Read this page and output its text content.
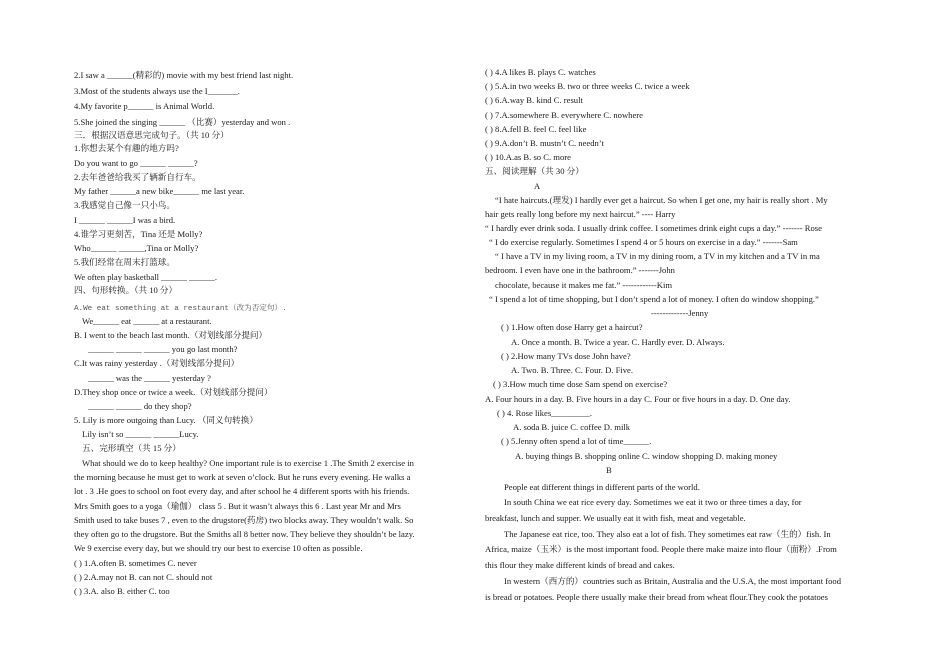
2.I saw a ______(精彩的) movie with my best friend last night.
3.Most of the students always use the I_______.
4.My favorite p______ is Animal World.
5.She joined the singing ______ （比赛）yesterday and won .
三．根据汉语意思完成句子。（共 10 分）
1.你想去某个有趣的地方吗?
Do you want to go ______ ______?
2.去年爸爸给我买了辆新自行车。
My father ______a new bike______ me last year.
3.我感觉自己像一只小鸟。
I ______ ______I was a bird.
4.谁学习更刻苦，Tina 还是 Molly?
Who______ ______,Tina or Molly?
5.我们经常在周末打篮球。
We often play basketball ______ ______.
四、句形转换。（共 10 分）
A.We eat something at a restaurant（改为否定句）.
We______ eat ______ at a restaurant.
B. I went to the beach last month.（对划线部分提问）
______ ______ ______ you go last month?
C.It was rainy yesterday .（对划线部分提问）
______ was the ______ yesterday ?
D.They shop once or twice a week.（对划线部分提问）
______ ______ do they shop?
5. Lily is more outgoing than Lucy. （同义句转换）
Lily isn’t so ______ ______Lucy.
五、完形填空（共 15 分）
What should we do to keep healthy? One important rule is to exercise 1 .The Smith 2 exercise in
the morning because he must get to work at seven o’clock. But he runs every evening. He walks a
lot . 3 .He goes to school on foot every day, and after school he 4 different sports with his friends.
Mrs Smith goes to a yoga（瑜伽） class 5 . But it wasn’t always this 6 . Last year Mr and Mrs
Smith used to take buses 7 , even to the drugstore(药房) two blocks away. They wouldn’t walk. So
they often go to the drugstore. But the Smiths all 8 better now. They believe they shouldn’t be lazy.
We 9 exercise every day, but we should try our best to exercise 10 often as possible.
( ) 1.A.often B. sometimes C. never
( ) 2.A.may not B. can not C. should not
( ) 3.A. also B. either C. too
( ) 4.A likes B. plays C. watches
( ) 5.A.in two weeks B. two or three weeks C. twice a week
( ) 6.A.way B. kind C. result
( ) 7.A.somewhere B. everywhere C. nowhere
( ) 8.A.fell B. feel C. feel like
( ) 9.A.don’t B. mustn’t C. needn’t
( ) 10.A.as B. so C. more
五、阅读理解（共 30 分）
A
“I hate haircuts.(理发) I hardly ever get a haircut. So when I get one, my hair is really short . My
hair gets really long before my next haircut.” ---- Harry
“ I hardly ever drink soda. I usually drink coffee. I sometimes drink eight cups a day.” ------- Rose
“ I do exercise regularly. Sometimes I spend 4 or 5 hours on exercise in a day.” -------Sam
“ I have a TV in my living room, a TV in my dining room, a TV in my kitchen and a TV in ma
bedroom. I even have one in the bathroom.” -------John
chocolate, because it makes me fat.” ------------Kim
“ I spend a lot of time shopping, but I don’t spend a lot of money. I often do window shopping.”
-------------Jenny
( ) 1.How often dose Harry get a haircut?
A. Once a month. B. Twice a year. C. Hardly ever. D. Always.
( ) 2.How many TVs dose John have?
A. Two. B. Three. C. Four. D. Five.
( ) 3.How much time dose Sam spend on exercise?
A. Four hours in a day. B. Five hours in a day C. Four or five hours in a day. D. One day.
( ) 4. Rose likes_________.
A. soda B. juice C. coffee D. milk
( ) 5.Jenny often spend a lot of time______.
A. buying things B. shopping online C. window shopping D. making money
B
People eat different things in different parts of the world.
In south China we eat rice every day. Sometimes we eat it two or three times a day, for
breakfast, lunch and supper. We usually eat it with fish, meat and vegetable.
The Japanese eat rice, too. They also eat a lot of fish. They sometimes eat raw（生的）fish. In
Africa, maize（玉米）is the most important food. People there make maize into flour（面粉）.From
this flour they make different kinds of bread and cakes.
In western（西方的）countries such as Britain, Australia and the U.S.A, the most important food
is bread or potatoes. People there usually make their bread from wheat flour.They cook the potatoes
